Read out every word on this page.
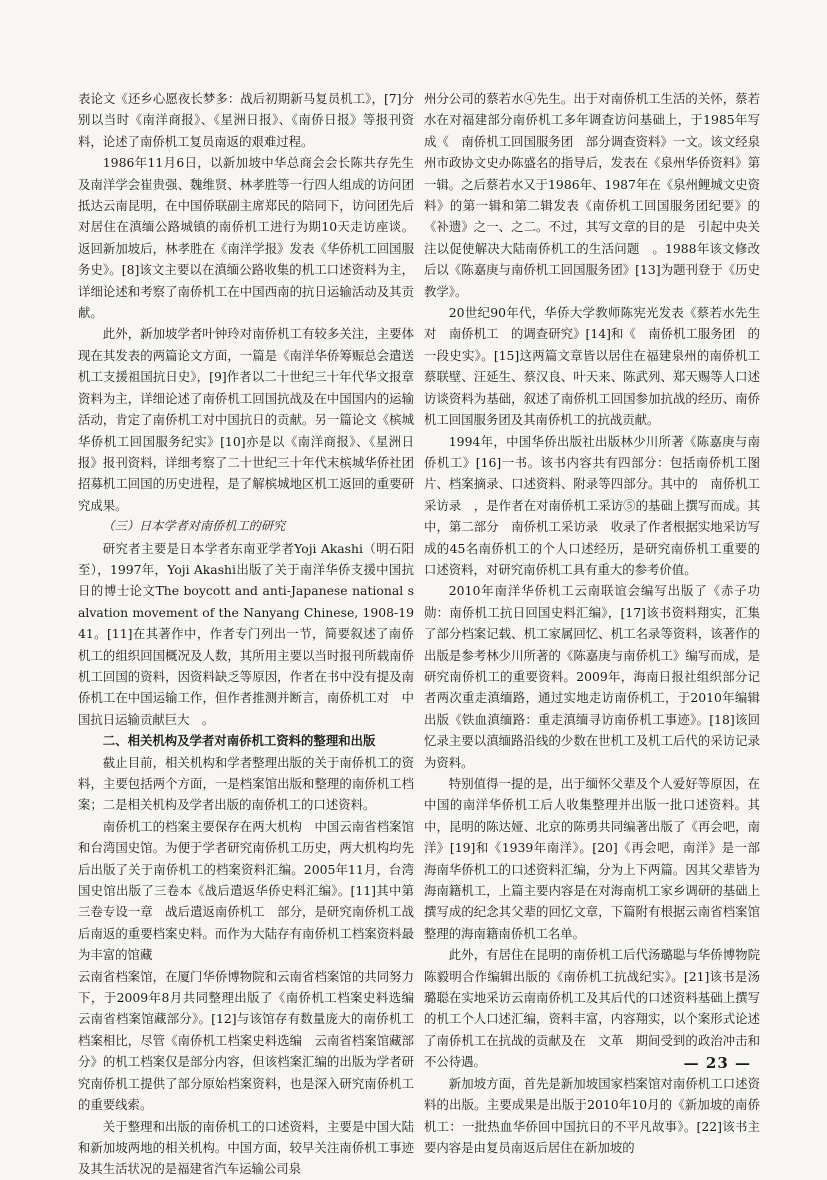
表论文《还乡心愿夜长梦多：战后初期新马复员机工》，[7]分别以当时《南洋商报》、《星洲日报》、《南侨日报》等报刊资料，论述了南侨机工复员南返的艰难过程。

1986年11月6日，以新加坡中华总商会会长陈共存先生及南洋学会崔贵强、魏维贤、林孝胜等一行四人组成的访问团抵达云南昆明，在中国侨联副主席郑民的陪同下，访问团先后对居住在滇缅公路城镇的南侨机工进行为期10天走访座谈。返回新加坡后，林孝胜在《南洋学报》发表《华侨机工回国服务史》。[8]该文主要以在滇缅公路收集的机工口述资料为主，详细论述和考察了南侨机工在中国西南的抗日运输活动及其贡献。

此外，新加坡学者叶钟玲对南侨机工有较多关注，主要体现在其发表的两篇论文方面，一篇是《南洋华侨筹赈总会遣送机工支援祖国抗日史》，[9]作者以二十世纪三十年代华文报章资料为主，详细论述了南侨机工回国抗战及在中国国内的运输活动，肯定了南侨机工对中国抗日的贡献。另一篇论文《槟城华侨机工回国服务纪实》[10]亦是以《南洋商报》、《星洲日报》报刊资料，详细考察了二十世纪三十年代末槟城华侨社团招募机工回国的历史进程，是了解槟城地区机工返回的重要研究成果。

（三）日本学者对南侨机工的研究

研究者主要是日本学者东南亚学者Yoji Akashi（明石阳至），1997年，Yoji Akashi出版了关于南洋华侨支援中国抗日的博士论文The boycott and anti-Japanese national salvation movement of the Nanyang Chinese, 1908-1941。[11]在其著作中，作者专门列出一节，简要叙述了南侨机工的组织回国概况及人数，其所用主要以当时报刊所载南侨机工回国的资料，因资料缺乏等原因，作者在书中没有提及南侨机工在中国运输工作，但作者推测并断言，南侨机工对　中国抗日运输贡献巨大　。

二、相关机构及学者对南侨机工资料的整理和出版

截止目前，相关机构和学者整理出版的关于南侨机工的资料，主要包括两个方面，一是档案馆出版和整理的南侨机工档案；二是相关机构及学者出版的南侨机工的口述资料。

南侨机工的档案主要保存在两大机构　中国云南省档案馆和台湾国史馆。为便于学者研究南侨机工历史，两大机构均先后出版了关于南侨机工的档案资料汇编。2005年11月，台湾国史馆出版了三卷本《战后遣返华侨史料汇编》。[11]其中第三卷专设一章　战后遣返南侨机工　部分，是研究南侨机工战后南返的重要档案史料。而作为大陆存有南侨机工档案资料最为丰富的馆藏

云南省档案馆，在厦门华侨博物院和云南省档案馆的共同努力下，于2009年8月共同整理出版了《南侨机工档案史料选编　云南省档案馆藏部分》。[12]与该馆存有数量庞大的南侨机工档案相比，尽管《南侨机工档案史料选编　云南省档案馆藏部分》的机工档案仅是部分内容，但该档案汇编的出版为学者研究南侨机工提供了部分原始档案资料，也是深入研究南侨机工的重要线索。

关于整理和出版的南侨机工的口述资料，主要是中国大陆和新加坡两地的相关机构。中国方面，较早关注南侨机工事迹及其生活状况的是福建省汽车运输公司泉

州分公司的蔡若水④先生。出于对南侨机工生活的关怀，蔡若水在对福建部分南侨机工多年调查访问基础上，于1985年写成《　南侨机工回国服务团　部分调查资料》一文。该文经泉州市政协文史办陈盛名的指导后，发表在《泉州华侨资料》第一辑。之后蔡若水又于1986年、1987年在《泉州鲤城文史资料》的第一辑和第二辑发表《南侨机工回国服务团纪要》的《补遗》之一、之二。不过，其写文章的目的是　引起中央关注以促使解决大陆南侨机工的生活问题　。1988年该文修改后以《陈嘉庚与南侨机工回国服务团》[13]为题刊登于《历史教学》。

20世纪90年代，华侨大学教师陈宪光发表《蔡若水先生对　南侨机工　的调查研究》[14]和《　南侨机工服务团　的一段史实》。[15]这两篇文章皆以居住在福建泉州的南侨机工蔡联壁、汪延生、蔡汉良、叶天来、陈武列、郑天赐等人口述访谈资料为基础，叙述了南侨机工回国参加抗战的经历、南侨机工回国服务团及其南侨机工的抗战贡献。

1994年，中国华侨出版社出版林少川所著《陈嘉庚与南侨机工》[16]一书。该书内容共有四部分：包括南侨机工图片、档案摘录、口述资料、附录等四部分。其中的　南侨机工采访录　，是作者在对南侨机工采访⑤的基础上撰写而成。其中，第二部分　南侨机工采访录　收录了作者根据实地采访写成的45名南侨机工的个人口述经历，是研究南侨机工重要的口述资料，对研究南侨机工具有重大的参考价值。

2010年南洋华侨机工云南联谊会编写出版了《赤子功勋：南侨机工抗日回国史料汇编》，[17]该书资料翔实，汇集了部分档案记载、机工家属回忆、机工名录等资料，该著作的出版是参考林少川所著的《陈嘉庚与南侨机工》编写而成，是研究南侨机工的重要资料。2009年，海南日报社组织部分记者两次重走滇缅路，通过实地走访南侨机工，于2010年编辑出版《铁血滇缅路：重走滇缅寻访南侨机工事迹》。[18]该回忆录主要以滇缅路沿线的少数在世机工及机工后代的采访记录为资料。

特别值得一提的是，出于缅怀父辈及个人爱好等原因，在中国的南洋华侨机工后人收集整理并出版一批口述资料。其中，昆明的陈达娅、北京的陈勇共同编著出版了《再会吧，南洋》[19]和《1939年南洋》。[20]《再会吧，南洋》是一部海南华侨机工的口述资料汇编，分为上下两篇。因其父辈皆为海南籍机工，上篇主要内容是在对海南机工家乡调研的基础上撰写成的纪念其父辈的回忆文章，下篇附有根据云南省档案馆整理的海南籍南侨机工名单。

此外，有居住在昆明的南侨机工后代汤璐聪与华侨博物院陈毅明合作编辑出版的《南侨机工抗战纪实》。[21]该书是汤璐聪在实地采访云南南侨机工及其后代的口述资料基础上撰写的机工个人口述汇编，资料丰富，内容翔实，以个案形式论述了南侨机工在抗战的贡献及在　文革　期间受到的政治冲击和不公待遇。

新加坡方面，首先是新加坡国家档案馆对南侨机工口述资料的出版。主要成果是出版于2010年10月的《新加坡的南侨机工：一批热血华侨回中国抗日的不平凡故事》。[22]该书主要内容是由复员南返后居住在新加坡的

— 23 —
